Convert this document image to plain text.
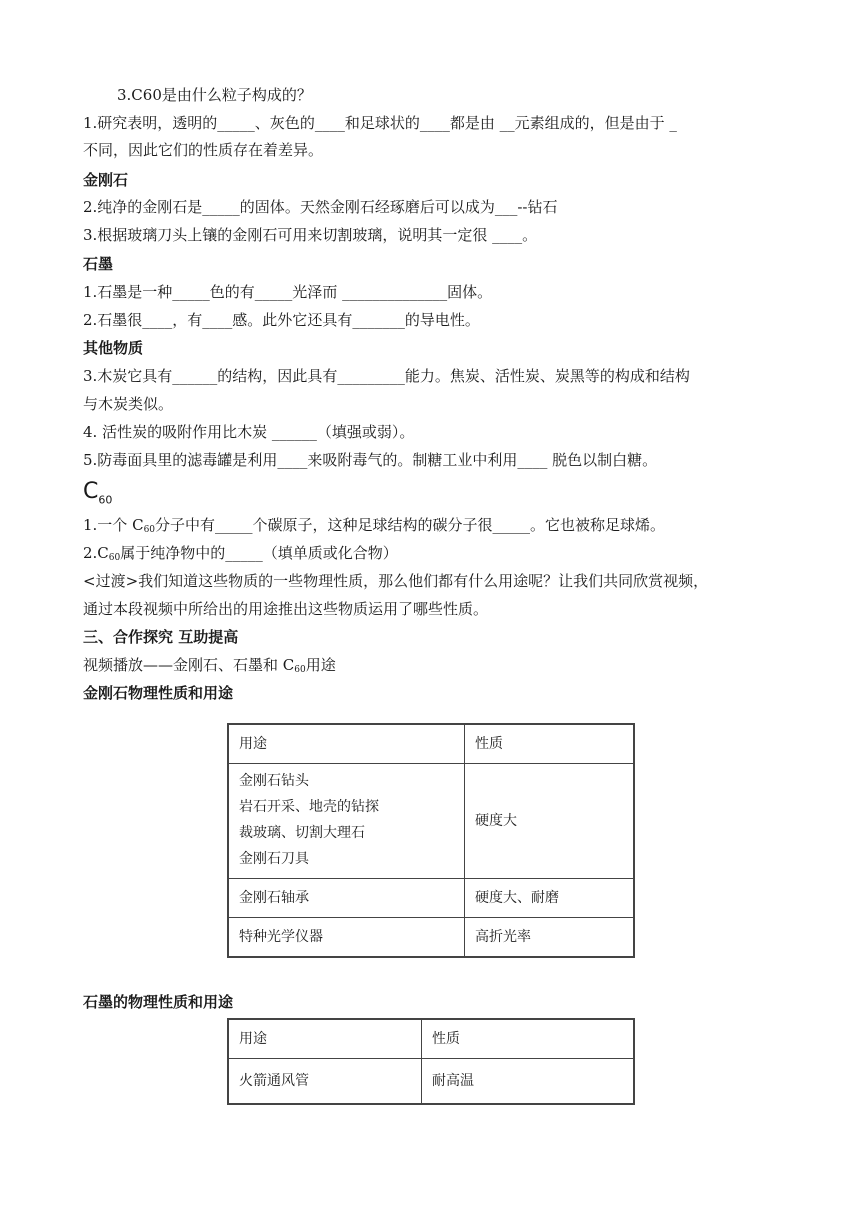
3.C60是由什么粒子构成的？
1.研究表明，透明的_____、灰色的____和足球状的____都是由 __元素组成的，但是由于 _
不同，因此它们的性质存在着差异。
金刚石
2.纯净的金刚石是_____的固体。天然金刚石经琢磨后可以成为___--钻石
3.根据玻璃刀头上镶的金刚石可用来切割玻璃，说明其一定很 ____。
石墨
1.石墨是一种_____色的有_____光泽而 ______________固体。
2.石墨很____，有____感。此外它还具有_______的导电性。
其他物质
3.木炭它具有______的结构，因此具有_________能力。焦炭、活性炭、炭黑等的构成和结构
与木炭类似。
4. 活性炭的吸附作用比木炭 ______（填强或弱）。
5.防毒面具里的滤毒罐是利用____来吸附毒气的。制糖工业中利用____ 脱色以制白糖。
$C_{60}$
1.一个 $C_{60}$分子中有_____个碳原子，这种足球结构的碳分子很_____。它也被称足球烯。
$2.C_{60}$属于纯净物中的_____（填单质或化合物）
<过渡>我们知道这些物质的一些物理性质，那么他们都有什么用途呢？让我们共同欣赏视频，
通过本段视频中所给出的用途推出这些物质运用了哪些性质。
三、合作探究 互助提高
视频播放——金刚石、石墨和 $C_{60}$用途
金刚石物理性质和用途
用途	性质

金刚石钻头
岩石开采、地壳的钻探
裁玻璃、切割大理石
金刚石刀具	硬度大
金刚石轴承	硬度大、耐磨
特种光学仪器	高折光率
石墨的物理性质和用途
用途	性质
火箭通风管	耐高温
